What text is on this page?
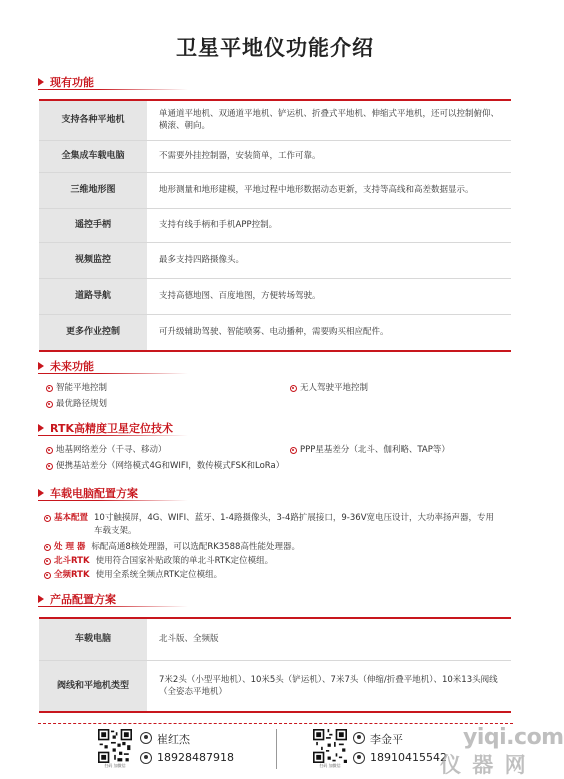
卫星平地仪功能介绍
现有功能
支持各种平地机	单通道平地机、双通道平地机、铲运机、折叠式平地机、伸缩式平地机，还可以控制俯仰、横滚、朝向。
全集成车载电脑	不需要外挂控制器，安装简单，工作可靠。
三维地形图	地形测量和地形建模，平地过程中地形数据动态更新，支持等高线和高差数据显示。
遥控手柄	支持有线手柄和手机APP控制。
视频监控	最多支持四路摄像头。
道路导航	支持高德地图、百度地图，方便转场驾驶。
更多作业控制	可升级辅助驾驶、智能喷雾、电动播种，需要购买相应配件。
未来功能
智能平地控制	无人驾驶平地控制
最优路径规划
RTK高精度卫星定位技术
地基网络差分（千寻、移动）	PPP星基差分（北斗、伽利略、TAP等）
便携基站差分（网络模式4G和WIFI，数传模式FSK和LoRa）
车载电脑配置方案
基本配置 10寸触摸屏，4G、WIFI、蓝牙、1-4路摄像头，3-4路扩展接口，9-36V宽电压设计，大功率扬声器，专用车载支架。
处 理 器 标配高通8核处理器，可以选配RK3588高性能处理器。
北斗RTK 使用符合国家补贴政策的单北斗RTK定位模组。
全频RTK 使用全系统全频点RTK定位模组。
产品配置方案
车载电脑	北斗版、全频版
阀线和平地机类型	7米2头（小型平地机）、10米5头（铲运机）、7米7头（伸缩/折叠平地机）、10米13头阀线（全姿态平地机）
扫码 加微信
崔红杰
18928487918
扫码 加微信
李金平
18910415542
yiqi.com
仪 器 网
